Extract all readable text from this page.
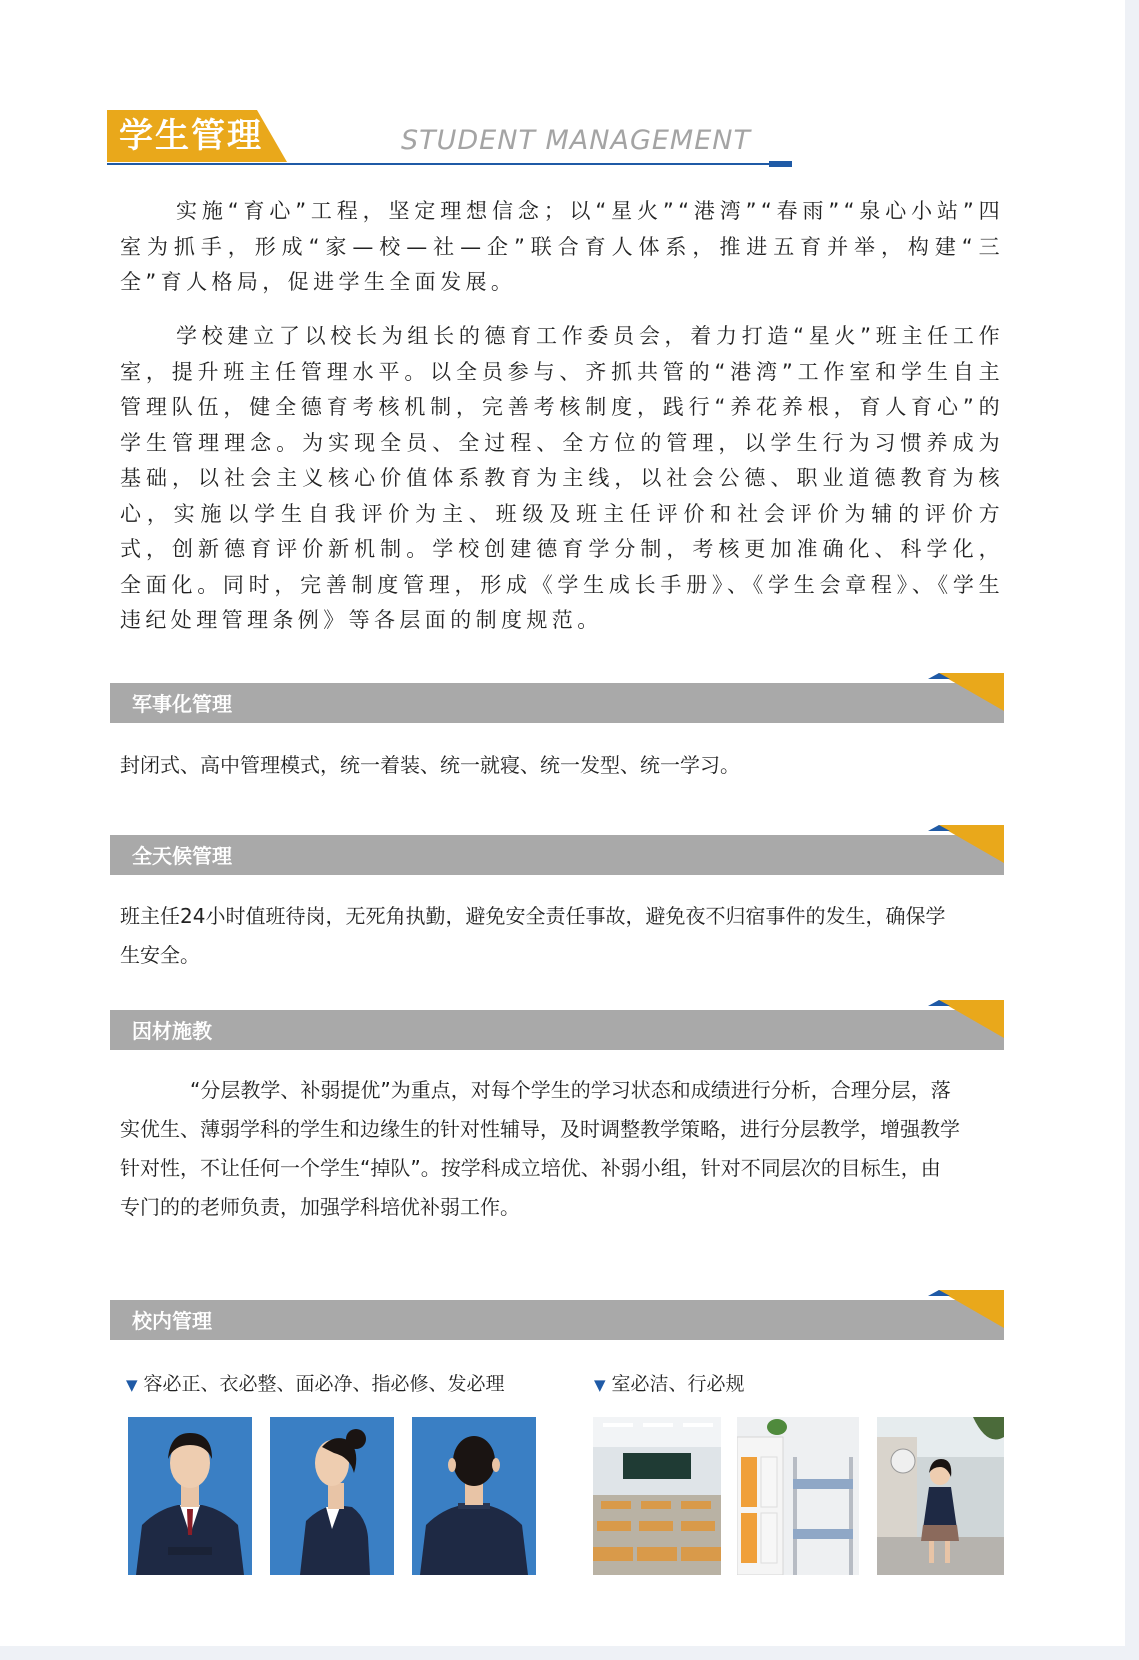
学生管理	STUDENT MANAGEMENT

实施“育心”工程，坚定理想信念；以“星火”“港湾”“春雨”“泉心小站”四室为抓手，形成“家—校—社—企”联合育人体系，推进五育并举，构建“三全”育人格局，促进学生全面发展。

学校建立了以校长为组长的德育工作委员会，着力打造“星火”班主任工作室，提升班主任管理水平。以全员参与、齐抓共管的“港湾”工作室和学生自主管理队伍，健全德育考核机制，完善考核制度，践行“养花养根，育人育心”的学生管理理念。为实现全员、全过程、全方位的管理，以学生行为习惯养成为基础，以社会主义核心价值体系教育为主线，以社会公德、职业道德教育为核心，实施以学生自我评价为主、班级及班主任评价和社会评价为辅的评价方式，创新德育评价新机制。学校创建德育学分制，考核更加准确化、科学化，全面化。同时，完善制度管理，形成《学生成长手册》、《学生会章程》、《学生违纪处理管理条例》等各层面的制度规范。

军事化管理

封闭式、高中管理模式，统一着装、统一就寝、统一发型、统一学习。

全天候管理

班主任24小时值班待岗，无死角执勤，避免安全责任事故，避免夜不归宿事件的发生，确保学生安全。

因材施教

“分层教学、补弱提优”为重点，对每个学生的学习状态和成绩进行分析，合理分层，落实优生、薄弱学科的学生和边缘生的针对性辅导，及时调整教学策略，进行分层教学，增强教学针对性，不让任何一个学生“掉队”。按学科成立培优、补弱小组，针对不同层次的目标生，由专门的的老师负责，加强学科培优补弱工作。

校内管理
▼ 容必正、衣必整、面必净、指必修、发必理	▼ 室必洁、行必规
